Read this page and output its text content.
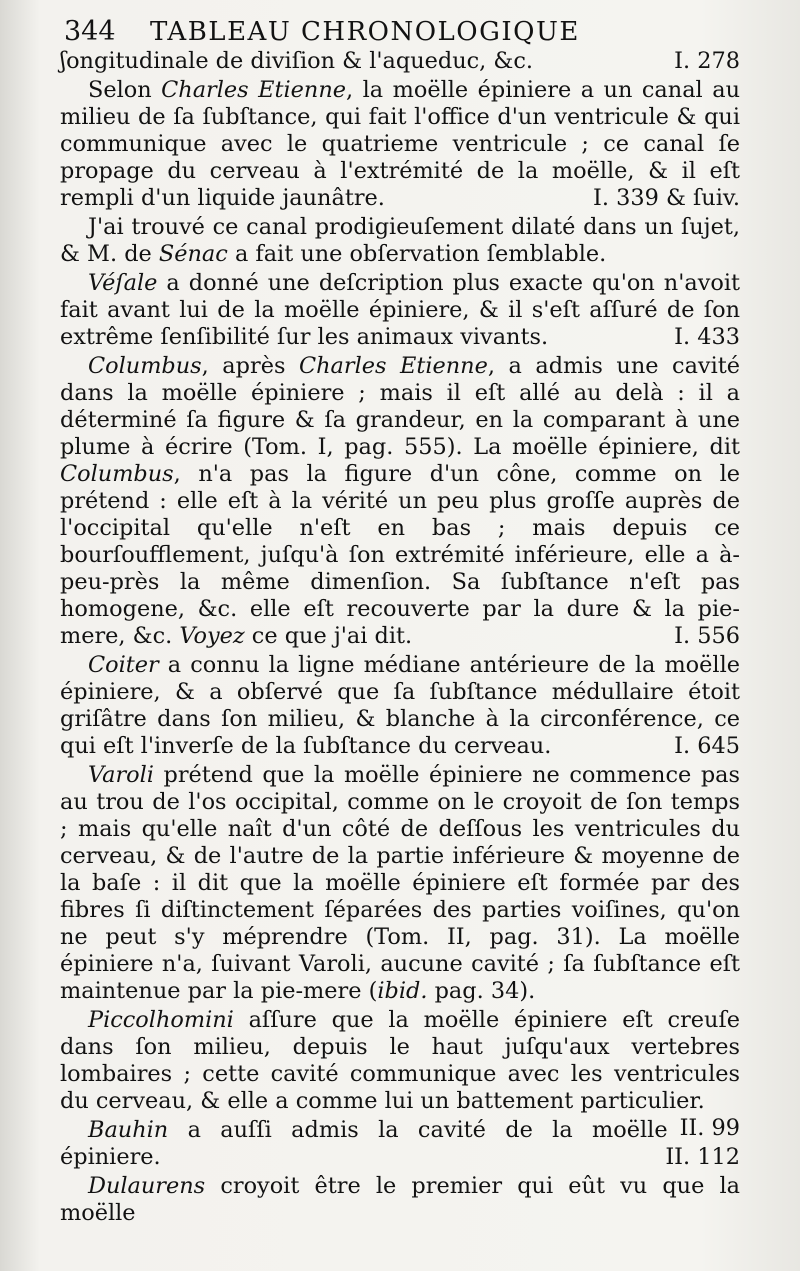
344 TABLEAU CHRONOLOGIQUE

ʃongitudinale de diviſion & l'aqueduc, &c.	I. 278

Selon Charles Etienne, la moëlle épiniere a un canal au milieu de ſa ſubſtance, qui fait l'office d'un ventricule & qui communique avec le quatrieme ventricule ; ce canal ſe propage du cerveau à l'extrémité de la moëlle, & il eſt rempli d'un liquide jaunâtre.	I. 339 & ſuiv.

J'ai trouvé ce canal prodigieuſement dilaté dans un ſujet, & M. de Sénac a fait une obſervation ſemblable.

Véſale a donné une deſcription plus exacte qu'on n'avoit fait avant lui de la moëlle épiniere, & il s'eſt aſſuré de ſon extrême ſenſibilité ſur les animaux vivants.	I. 433

Columbus, après Charles Etienne, a admis une cavité dans la moëlle épiniere ; mais il eſt allé au delà : il a déterminé ſa figure & ſa grandeur, en la comparant à une plume à écrire (Tom. I, pag. 555). La moëlle épiniere, dit Columbus, n'a pas la figure d'un cône, comme on le prétend : elle eſt à la vérité un peu plus groſſe auprès de l'occipital qu'elle n'eſt en bas ; mais depuis ce bourſoufflement, juſqu'à ſon extrémité inférieure, elle a à-peu-près la même dimenſion. Sa ſubſtance n'eſt pas homogene, &c. elle eſt recouverte par la dure & la pie-mere, &c. Voyez ce que j'ai dit.	I. 556

Coiter a connu la ligne médiane antérieure de la moëlle épiniere, & a obſervé que ſa ſubſtance médullaire étoit griſâtre dans ſon milieu, & blanche à la circonférence, ce qui eſt l'inverſe de la ſubſtance du cerveau.	I. 645

Varoli prétend que la moëlle épiniere ne commence pas au trou de l'os occipital, comme on le croyoit de ſon temps ; mais qu'elle naît d'un côté de deſſous les ventricules du cerveau, & de l'autre de la partie inférieure & moyenne de la baſe : il dit que la moëlle épiniere eſt formée par des fibres ſi diſtinctement ſéparées des parties voiſines, qu'on ne peut s'y méprendre (Tom. II, pag. 31). La moëlle épiniere n'a, ſuivant Varoli, aucune cavité ; ſa ſubſtance eſt maintenue par la pie-mere (ibid. pag. 34).

Piccolhomini aſſure que la moëlle épiniere eſt creuſe dans ſon milieu, depuis le haut juſqu'aux vertebres lombaires ; cette cavité communique avec les ventricules du cerveau, & elle a comme lui un battement particulier.
II. 99

Bauhin a auſſi admis la cavité de la moëlle épiniere.	II. 112

Dulaurens croyoit être le premier qui eût vu que la moëlle
